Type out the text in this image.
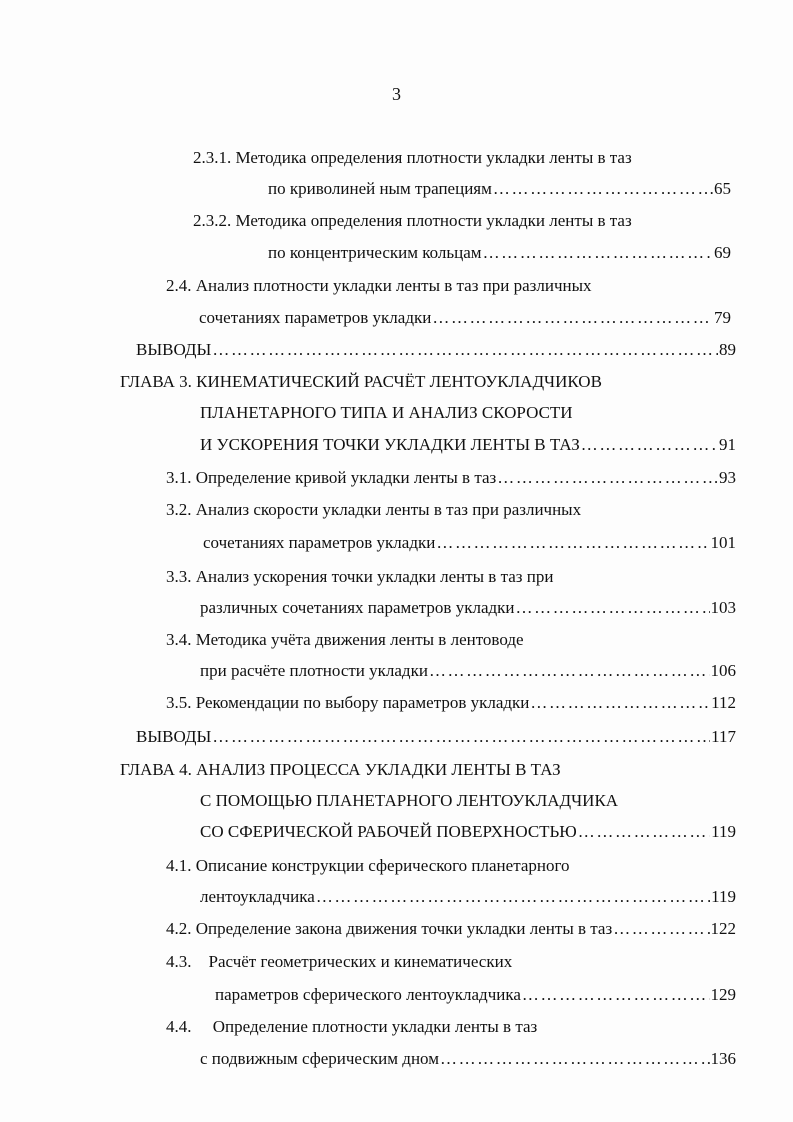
3
2.3.1. Методика определения плотности укладки ленты в таз
по криволиней ным трапециям ……………………………………………………………………………………………………………………………………………………………………	65
2.3.2. Методика определения плотности укладки ленты в таз
по концентрическим кольцам ……………………………………………………………………………………………………………………………………………………………………	69
2.4. Анализ плотности укладки ленты в таз при различных
сочетаниях параметров укладки ……………………………………………………………………………………………………………………………………………………………………	79
ВЫВОДЫ ……………………………………………………………………………………………………………………………………………………………………	89
ГЛАВА 3. КИНЕМАТИЧЕСКИЙ РАСЧЁТ ЛЕНТОУКЛАДЧИКОВ
ПЛАНЕТАРНОГО ТИПА И АНАЛИЗ СКОРОСТИ
И УСКОРЕНИЯ ТОЧКИ УКЛАДКИ ЛЕНТЫ В ТАЗ ……………………………………………………………………………………………………………………………………………………………………	91
3.1. Определение кривой укладки ленты в таз ……………………………………………………………………………………………………………………………………………………………………	93
3.2. Анализ скорости укладки ленты в таз при различных
сочетаниях параметров укладки ……………………………………………………………………………………………………………………………………………………………………	101
3.3. Анализ ускорения точки укладки ленты в таз при
различных сочетаниях параметров укладки ……………………………………………………………………………………………………………………………………………………………………	103
3.4. Методика учёта движения ленты в лентоводе
при расчёте плотности укладки ……………………………………………………………………………………………………………………………………………………………………	106
3.5. Рекомендации по выбору параметров укладки ……………………………………………………………………………………………………………………………………………………………………	112
ВЫВОДЫ ……………………………………………………………………………………………………………………………………………………………………	117
ГЛАВА 4. АНАЛИЗ ПРОЦЕССА УКЛАДКИ ЛЕНТЫ В ТАЗ
С ПОМОЩЬЮ ПЛАНЕТАРНОГО ЛЕНТОУКЛАДЧИКА
СО СФЕРИЧЕСКОЙ РАБОЧЕЙ ПОВЕРХНОСТЬЮ ……………………………………………………………………………………………………………………………………………………………………	119
4.1. Описание конструкции сферического планетарного
лентоукладчика ……………………………………………………………………………………………………………………………………………………………………	119
4.2. Определение закона движения точки укладки ленты в таз ……………………………………………………………………………………………………………………………………………………………………	122
4.3.    Расчёт геометрических и кинематических
параметров сферического лентоукладчика ……………………………………………………………………………………………………………………………………………………………………	129
4.4.     Определение плотности укладки ленты в таз
с подвижным сферическим дном ……………………………………………………………………………………………………………………………………………………………………	136
